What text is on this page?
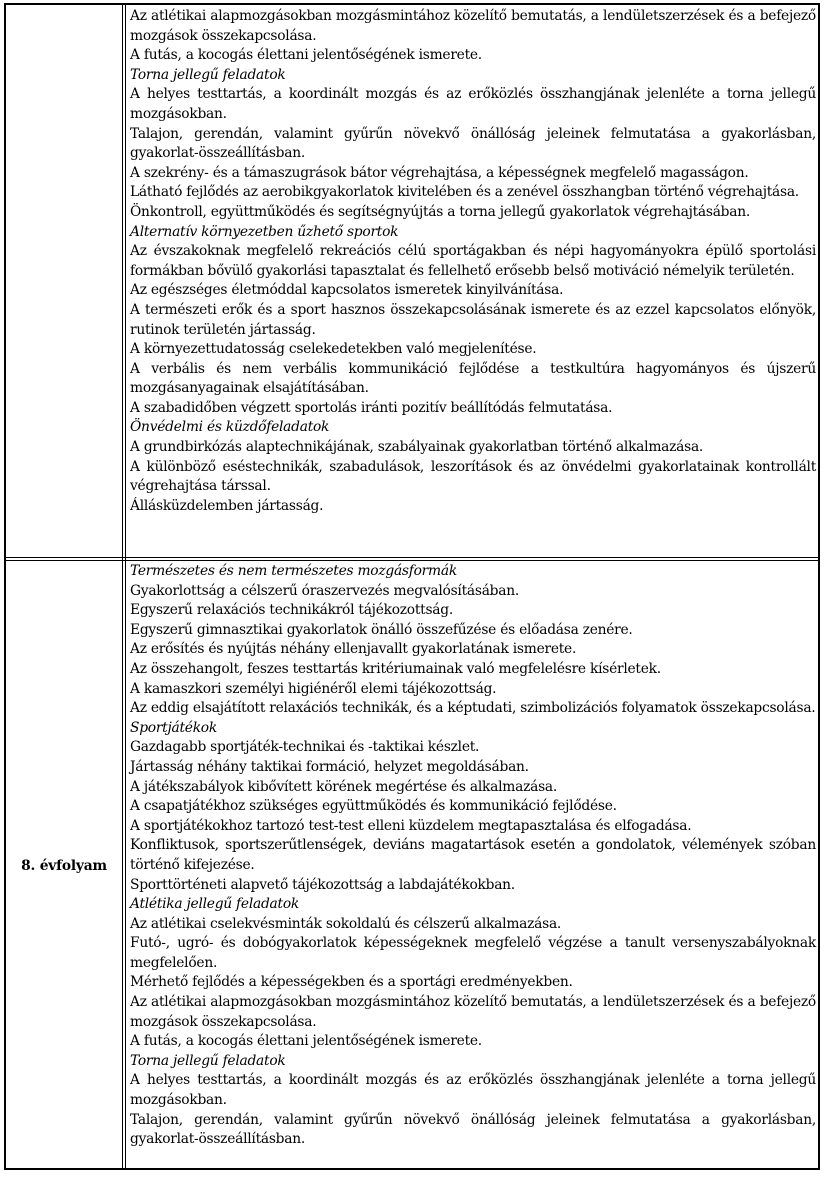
Az atlétikai alapmozgásokban mozgásmintához közelítő bemutatás, a lendületszerzések és a befejező mozgások összekapcsolása.
A futás, a kocogás élettani jelentőségének ismerete.
Torna jellegű feladatok
A helyes testtartás, a koordinált mozgás és az erőközlés összhangjának jelenléte a torna jellegű mozgásokban.
Talajon, gerendán, valamint gyűrűn növekvő önállóság jeleinek felmutatása a gyakorlásban, gyakorlat-összeállításban.
A szekrény- és a támaszugrások bátor végrehajtása, a képességnek megfelelő magasságon.
Látható fejlődés az aerobikgyakorlatok kivitelében és a zenével összhangban történő végrehajtása.
Önkontroll, együttműködés és segítségnyújtás a torna jellegű gyakorlatok végrehajtásában.
Alternatív környezetben űzhető sportok
Az évszakoknak megfelelő rekreációs célú sportágakban és népi hagyományokra épülő sportolási formákban bővülő gyakorlási tapasztalat és fellelhető erősebb belső motiváció némelyik területén.
Az egészséges életmóddal kapcsolatos ismeretek kinyilvánítása.
A természeti erők és a sport hasznos összekapcsolásának ismerete és az ezzel kapcsolatos előnyök, rutinok területén jártasság.
A környezettudatosság cselekedetekben való megjelenítése.
A verbális és nem verbális kommunikáció fejlődése a testkultúra hagyományos és újszerű mozgásanyagainak elsajátításában.
A szabadidőben végzett sportolás iránti pozitív beállítódás felmutatása.
Önvédelmi és küzdőfeladatok
A grundbirkózás alaptechnikájának, szabályainak gyakorlatban történő alkalmazása.
A különböző eséstechnikák, szabadulások, leszorítások és az önvédelmi gyakorlatainak kontrollált végrehajtása társsal.
Állásküzdelemben jártasság.
8. évfolyam
Természetes és nem természetes mozgásformák
Gyakorlottság a célszerű óraszervezés megvalósításában.
Egyszerű relaxációs technikákról tájékozottság.
Egyszerű gimnasztikai gyakorlatok önálló összefűzése és előadása zenére.
Az erősítés és nyújtás néhány ellenjavallt gyakorlatának ismerete.
Az összehangolt, feszes testtartás kritériumainak való megfelelésre kísérletek.
A kamaszkori személyi higiénéről elemi tájékozottság.
Az eddig elsajátított relaxációs technikák, és a képtudati, szimbolizációs folyamatok összekapcsolása.
Sportjátékok
Gazdagabb sportjáték-technikai és -taktikai készlet.
Jártasság néhány taktikai formáció, helyzet megoldásában.
A játékszabályok kibővített körének megértése és alkalmazása.
A csapatjátékhoz szükséges együttműködés és kommunikáció fejlődése.
A sportjátékokhoz tartozó test-test elleni küzdelem megtapasztalása és elfogadása.
Konfliktusok, sportszerűtlenségek, deviáns magatartások esetén a gondolatok, vélemények szóban történő kifejezése.
Sporttörténeti alapvető tájékozottság a labdajátékokban.
Atlétika jellegű feladatok
Az atlétikai cselekvésminták sokoldalú és célszerű alkalmazása.
Futó-, ugró- és dobógyakorlatok képességeknek megfelelő végzése a tanult versenyszabályoknak megfelelően.
Mérhető fejlődés a képességekben és a sportági eredményekben.
Az atlétikai alapmozgásokban mozgásmintához közelítő bemutatás, a lendületszerzések és a befejező mozgások összekapcsolása.
A futás, a kocogás élettani jelentőségének ismerete.
Torna jellegű feladatok
A helyes testtartás, a koordinált mozgás és az erőközlés összhangjának jelenléte a torna jellegű mozgásokban.
Talajon, gerendán, valamint gyűrűn növekvő önállóság jeleinek felmutatása a gyakorlásban, gyakorlat-összeállításban.
